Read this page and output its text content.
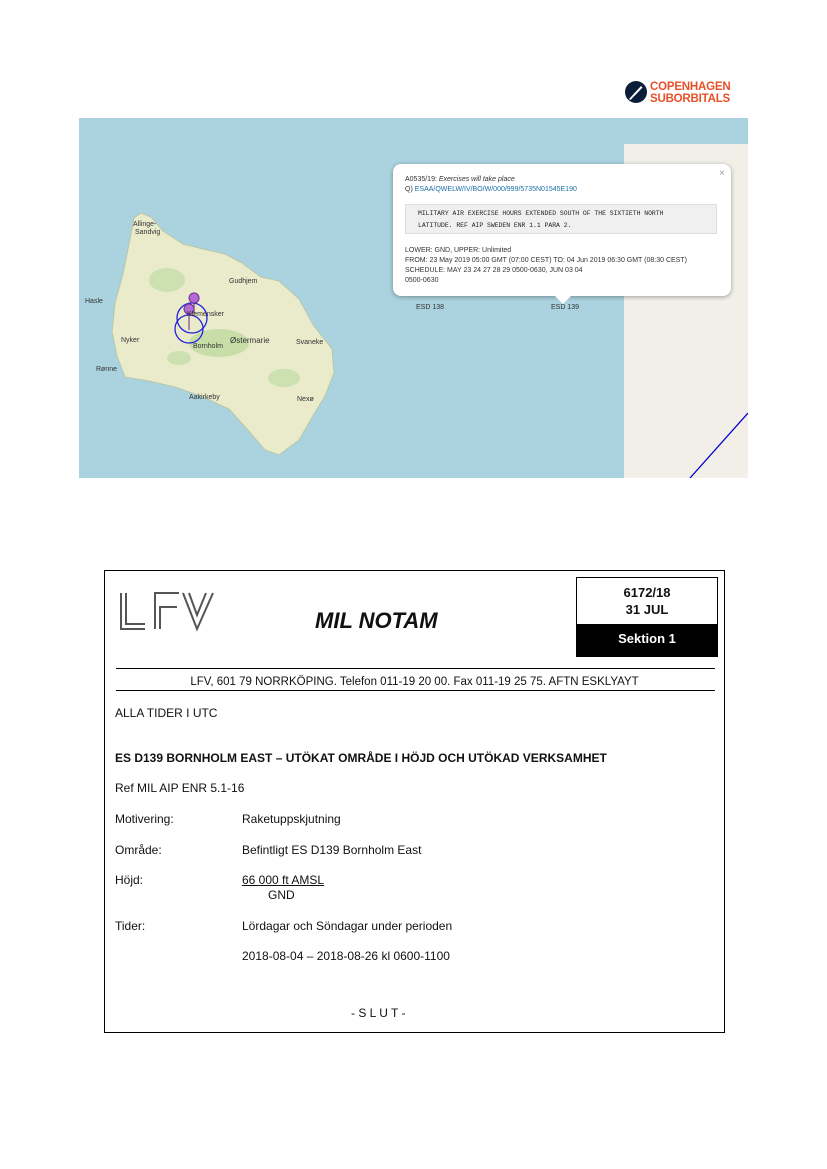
COPENHAGEN
SUBORBITALS
Allinge-
Sandvig
Gudhjem
Hasle
Klemensker
Nyker
Bornholm
Østermarie	Svaneke
Rønne
Aakirkeby	Nexø
ESD 138	ESD 139
×
A0535/19: Exercises will take place
Q) ESAA/QWELW/IV/BO/W/000/999/5735N01545E190
MILITARY AIR EXERCISE HOURS EXTENDED SOUTH OF THE SIXTIETH NORTH
LATITUDE. REF AIP SWEDEN ENR 1.1 PARA 2.
LOWER: GND, UPPER: Unlimited
FROM: 23 May 2019 05:00 GMT (07:00 CEST) TO: 04 Jun 2019 06:30 GMT (08:30 CEST)
SCHEDULE: MAY 23 24 27 28 29 0500-0630, JUN 03 04
0500-0630
MIL NOTAM
6172/18
31 JUL
Sektion 1
LFV, 601 79 NORRKÖPING. Telefon 011-19 20 00. Fax 011-19 25 75. AFTN ESKLYAYT
ALLA TIDER I UTC
ES D139 BORNHOLM EAST – UTÖKAT OMRÅDE I HÖJD OCH UTÖKAD VERKSAMHET
Ref MIL AIP ENR 5.1-16
Motivering:	Raketuppskjutning
Område:	Befintligt ES D139 Bornholm East
Höjd:	66 000 ft AMSL
GND
Tider:	Lördagar och Söndagar under perioden
2018-08-04 – 2018-08-26 kl 0600-1100
- S L U T -
